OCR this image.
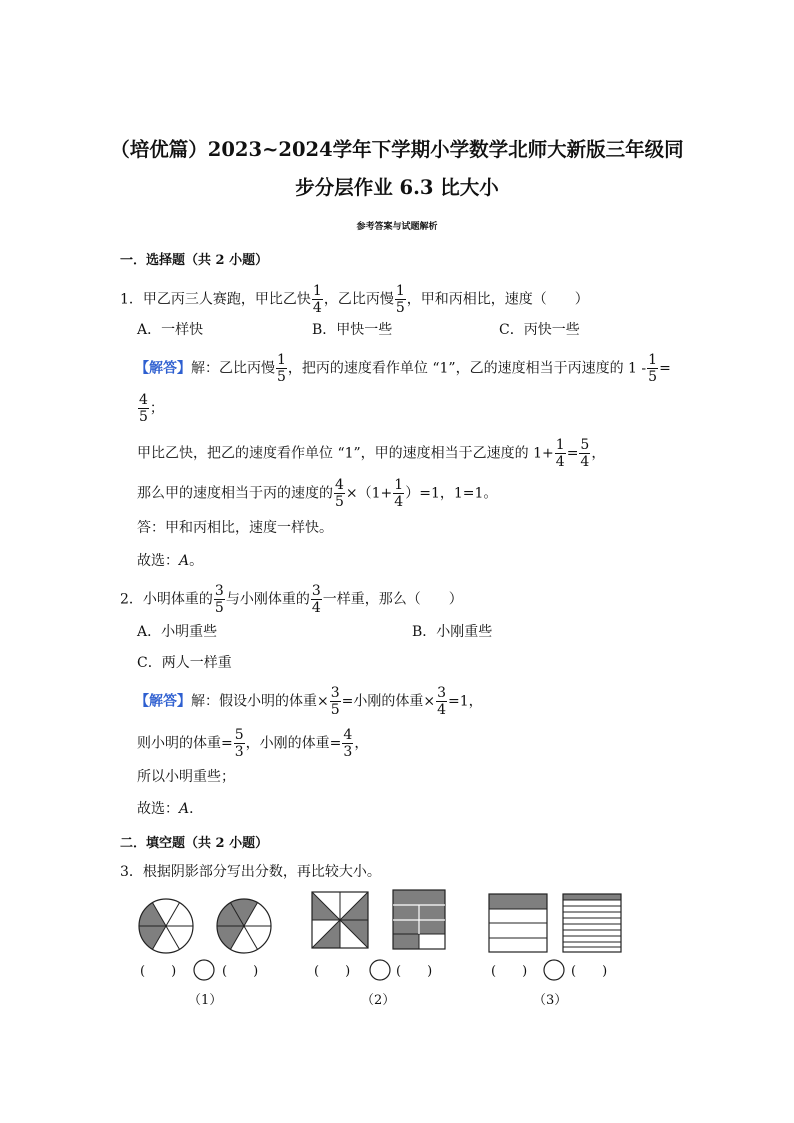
（培优篇）2023~2024学年下学期小学数学北师大新版三年级同
步分层作业 6.3 比大小
参考答案与试题解析
一．选择题（共 2 小题）
1．甲乙丙三人赛跑，甲比乙快 $\frac{1}{4}$ ，乙比丙慢 $\frac{1}{5}$ ，甲和丙相比，速度（　　）
A．一样快	B．甲快一些	C．丙快一些
【解答】解：乙比丙慢 $\frac{1}{5}$ ，把丙的速度看作单位 “1”，乙的速度相当于丙速度的 $1 - \frac{1}{5}$ =
$\frac{4}{5}$ ；
甲比乙快，把乙的速度看作单位 “1”，甲的速度相当于乙速度的 $1+ \frac{1}{4} = \frac{5}{4}$ ，
那么甲的速度相当于丙的速度的 $\frac{4}{5} \times(1+ \frac{1}{4} )=1$，1=1。
答：甲和丙相比，速度一样快。
故选：A。
2．小明体重的 $\frac{3}{5}$ 与小刚体重的 $\frac{3}{4}$ 一样重，那么（　　）
A．小明重些	B．小刚重些
C．两人一样重
【解答】解：假设小明的体重× $\frac{3}{5}$ =小刚的体重× $\frac{3}{4} =1$，
则小明的体重= $\frac{5}{3}$ ，小刚的体重= $\frac{4}{3}$ ，
所以小明重些；
故选：A．
二．填空题（共 2 小题）
3．根据阴影部分写出分数，再比较大小。
(　　)	(　　)	(　　)	(　　)	(　　)	(　　)
（1）	（2）	（3）
